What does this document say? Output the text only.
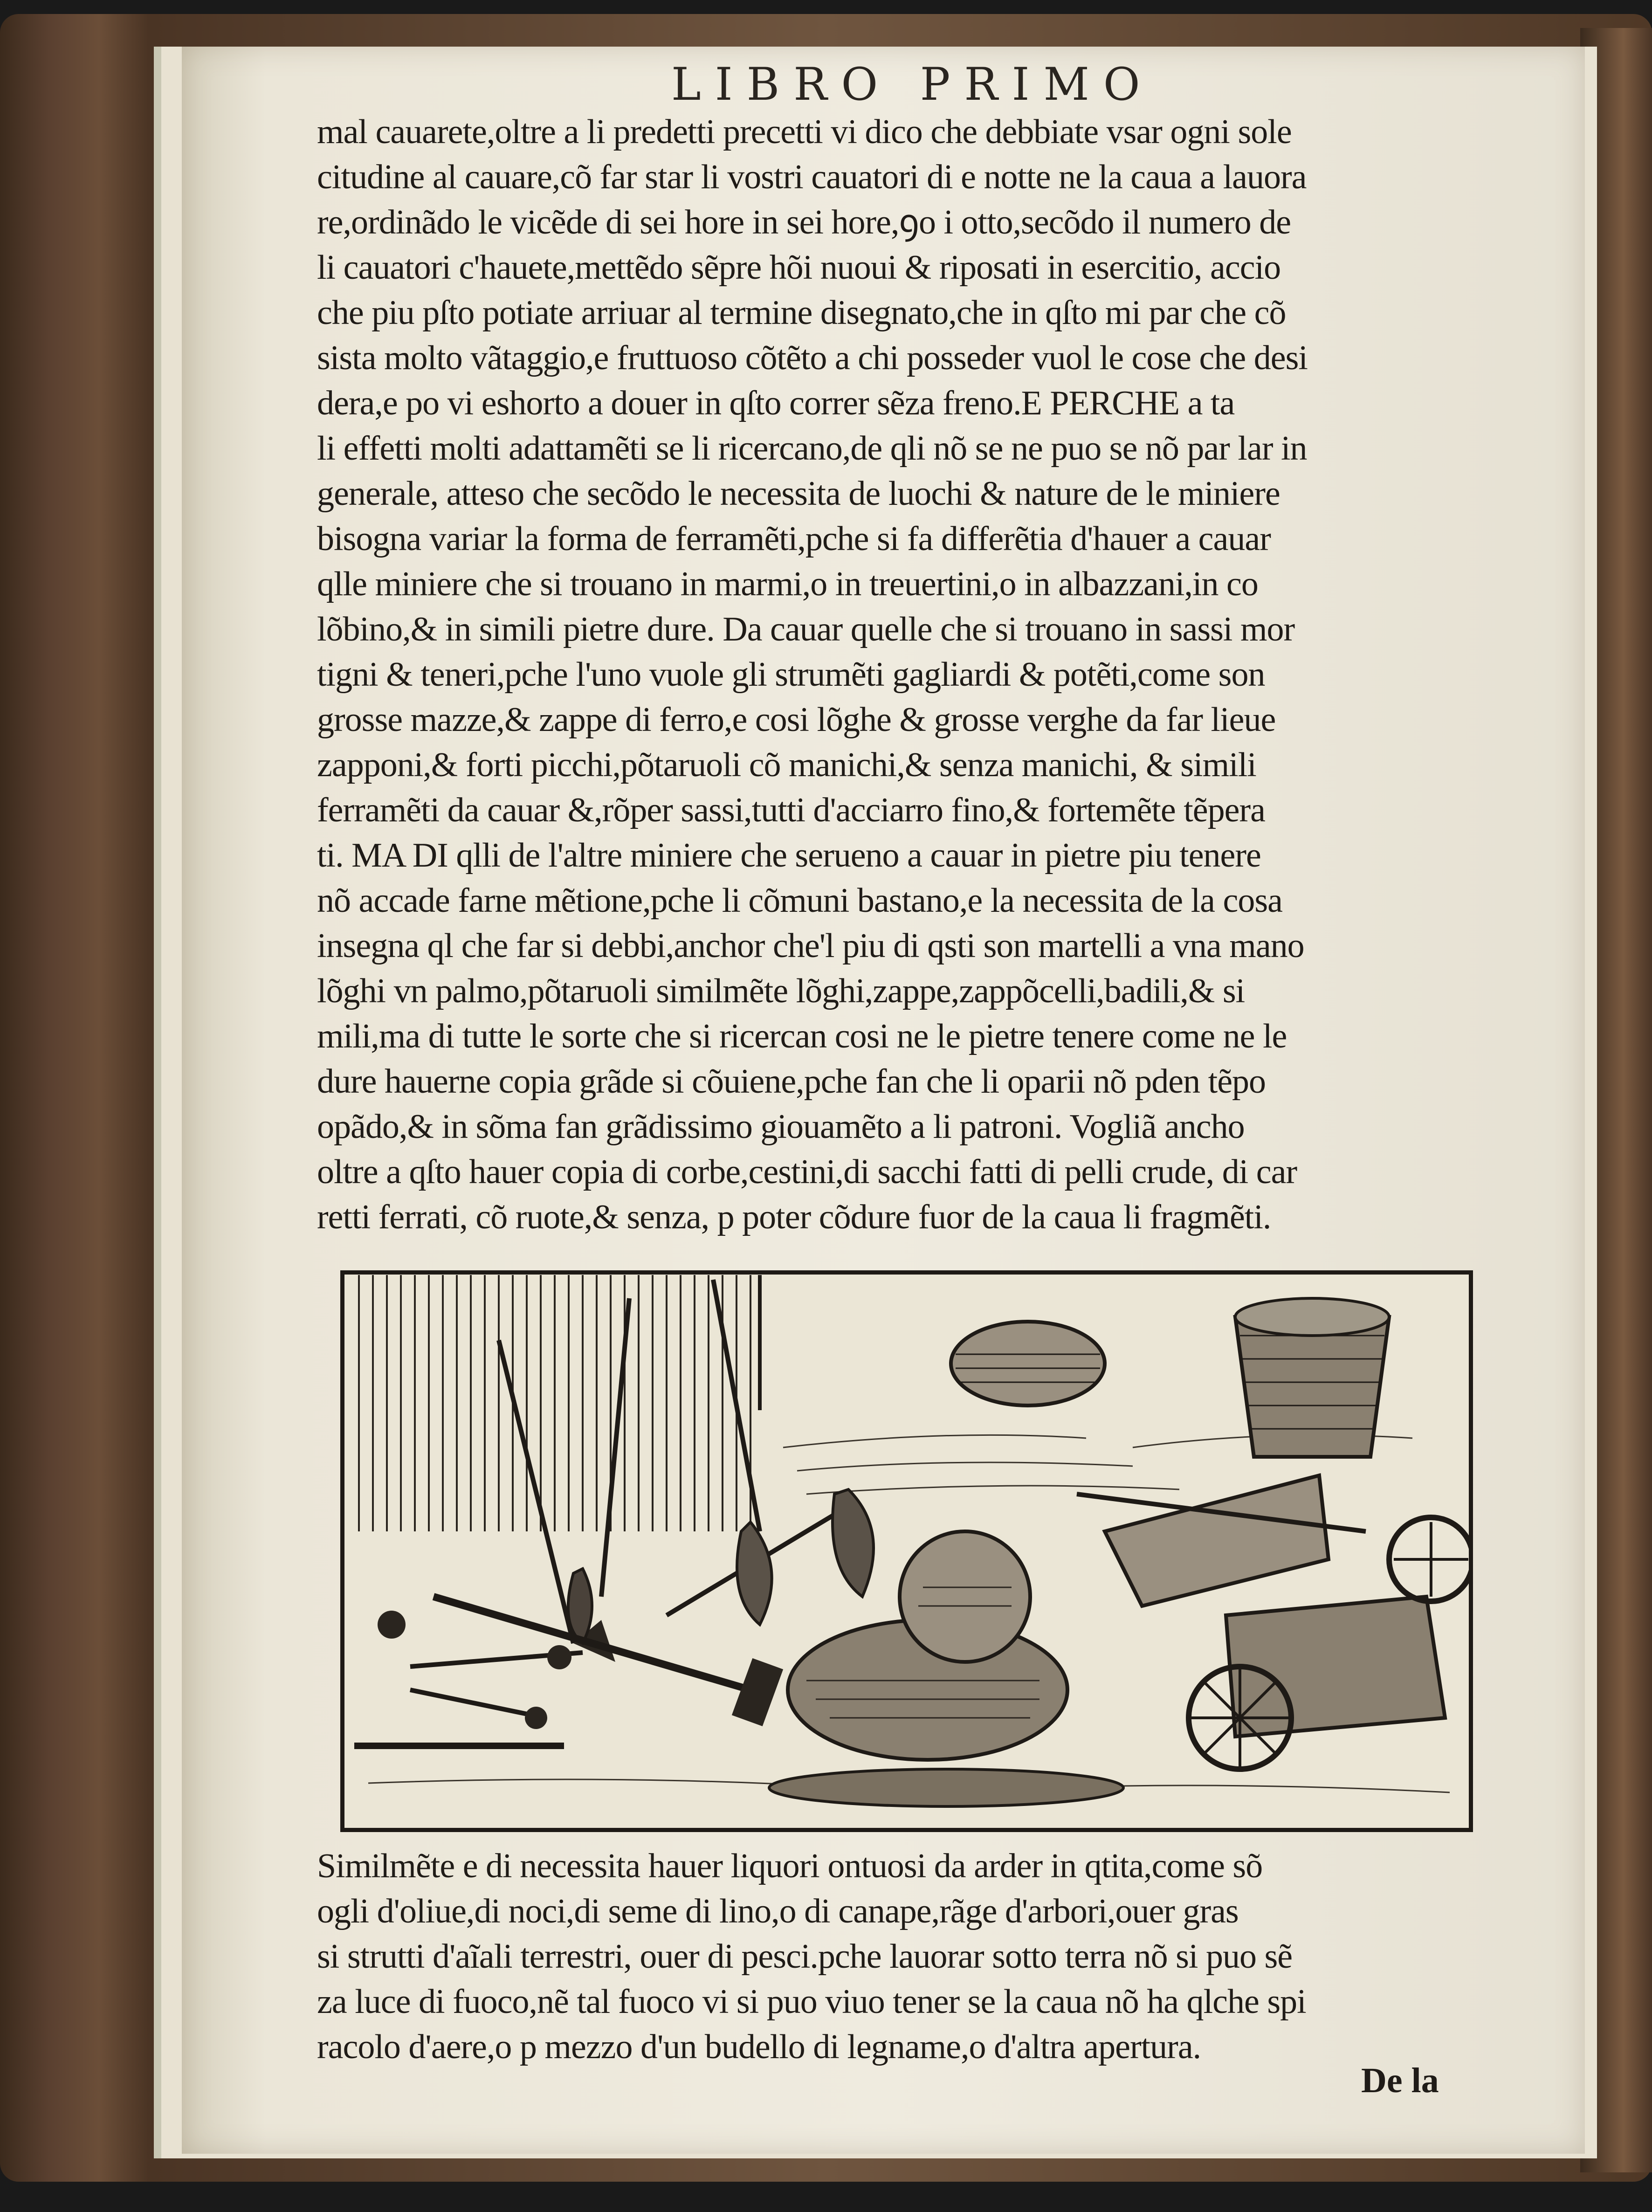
LIBRO PRIMO
mal cauarete,oltre a li predetti precetti vi dico che debbiate vsar ogni sole
citudine al cauare,cõ far star li vostri cauatori di e notte ne la caua a lauora
re,ordinãdo le vicẽde di sei hore in sei hore,ꝯo i otto,secõdo il numero de
li cauatori c'hauete,mettẽdo sẽpre hõi nuoui & riposati in esercitio, accio
che piu pſto potiate arriuar al termine disegnato,che in qſto mi par che cõ
sista molto vãtaggio,e fruttuoso cõtẽto a chi posseder vuol le cose che desi
dera,e po vi eshorto a douer in qſto correr sẽza freno.E PERCHE a ta
li effetti molti adattamẽti se li ricercano,de qli nõ se ne puo se nõ par lar in
generale, atteso che secõdo le necessita de luochi & nature de le miniere
bisogna variar la forma de ferramẽti,pche si fa differẽtia d'hauer a cauar
qlle miniere che si trouano in marmi,o in treuertini,o in albazzani,in co
lõbino,& in simili pietre dure. Da cauar quelle che si trouano in sassi mor
tigni & teneri,pche l'uno vuole gli strumẽti gagliardi & potẽti,come son
grosse mazze,& zappe di ferro,e cosi lõghe & grosse verghe da far lieue
zapponi,& forti picchi,põtaruoli cõ manichi,& senza manichi, & simili
ferramẽti da cauar &,rõper sassi,tutti d'acciarro fino,& fortemẽte tẽpera
ti. MA DI qlli de l'altre miniere che serueno a cauar in pietre piu tenere
nõ accade farne mẽtione,pche li cõmuni bastano,e la necessita de la cosa
insegna ql che far si debbi,anchor che'l piu di qsti son martelli a vna mano
lõghi vn palmo,põtaruoli similmẽte lõghi,zappe,zappõcelli,badili,& si
mili,ma di tutte le sorte che si ricercan cosi ne le pietre tenere come ne le
dure hauerne copia grãde si cõuiene,pche fan che li oparii nõ pden tẽpo
opãdo,& in sõma fan grãdissimo giouamẽto a li patroni. Vogliã ancho
oltre a qſto hauer copia di corbe,cestini,di sacchi fatti di pelli crude, di car
retti ferrati, cõ ruote,& senza, p poter cõdure fuor de la caua li fragmẽti.
Similmẽte e di necessita hauer liquori ontuosi da arder in qtita,come sõ
ogli d'oliue,di noci,di seme di lino,o di canape,rãge d'arbori,ouer gras
si strutti d'aĩali terrestri, ouer di pesci.pche lauorar sotto terra nõ si puo sẽ
za luce di fuoco,nẽ tal fuoco vi si puo viuo tener se la caua nõ ha qlche spi
racolo d'aere,o p mezzo d'un budello di legname,o d'altra apertura.
De la
